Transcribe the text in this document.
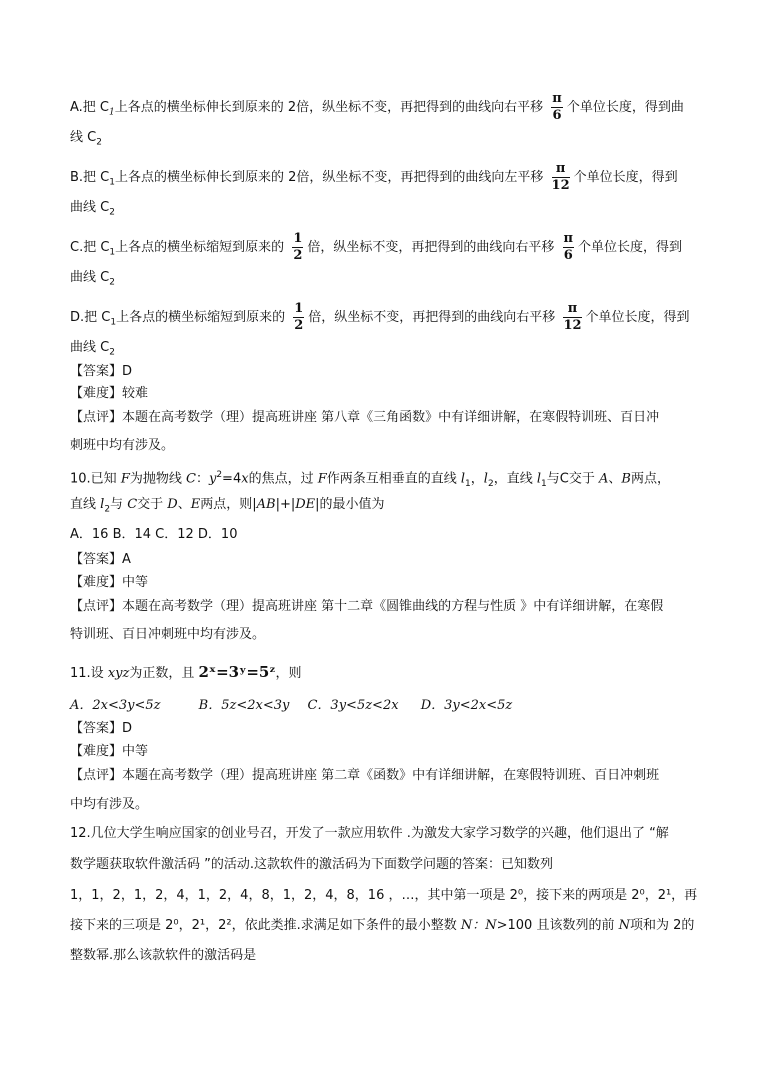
A.把 $C_1$上各点的横坐标伸长到原来的 2倍，纵坐标不变，再把得到的曲线向右平移 $\frac{\pi}{6}$ 个单位长度，得到曲
线 $C_2$
B.把 $C_1$上各点的横坐标伸长到原来的 2倍，纵坐标不变，再把得到的曲线向左平移 $\frac{\pi}{12}$ 个单位长度，得到
曲线 $C_2$
C.把 $C_1$上各点的横坐标缩短到原来的 $\frac{1}{2}$ 倍，纵坐标不变，再把得到的曲线向右平移 $\frac{\pi}{6}$ 个单位长度，得到
曲线 $C_2$
D.把 $C_1$上各点的横坐标缩短到原来的 $\frac{1}{2}$ 倍，纵坐标不变，再把得到的曲线向右平移 $\frac{\pi}{12}$ 个单位长度，得到
曲线 $C_2$
【答案】D
【难度】较难
【点评】本题在高考数学（理）提高班讲座 第八章《三角函数》中有详细讲解，在寒假特训班、百日冲
刺班中均有涉及。
10.已知 F为抛物线 C：$y^2=4x$的焦点，过 F作两条互相垂直的直线 $l_1$，$l_2$，直线 $l_1$与C交于 A、B两点，
直线 $l_2$与 C交于 D、E两点，则|AB|+|DE|的最小值为
A．16 B．14 C．12 D．10
【答案】A
【难度】中等
【点评】本题在高考数学（理）提高班讲座 第十二章《圆锥曲线的方程与性质 》中有详细讲解，在寒假
特训班、百日冲刺班中均有涉及。
11.设 xyz为正数，且 2ˣ=3ʸ=5ᶻ，则
A．2x<3y<5z	B．5z<2x<3y C．3y<5z<2x D．3y<2x<5z
【答案】D
【难度】中等
【点评】本题在高考数学（理）提高班讲座 第二章《函数》中有详细讲解，在寒假特训班、百日冲刺班
中均有涉及。
12.几位大学生响应国家的创业号召，开发了一款应用软件 .为激发大家学习数学的兴趣，他们退出了 “解
数学题获取软件激活码 ”的活动.这款软件的激活码为下面数学问题的答案：已知数列
1，1，2，1，2，4，1，2，4，8，1，2，4，8，16 ，…，其中第一项是 2⁰，接下来的两项是 2⁰，2¹，再
接下来的三项是 2⁰，2¹，2²，依此类推.求满足如下条件的最小整数 N：N>100 且该数列的前 N项和为 2的
整数幂.那么该款软件的激活码是
